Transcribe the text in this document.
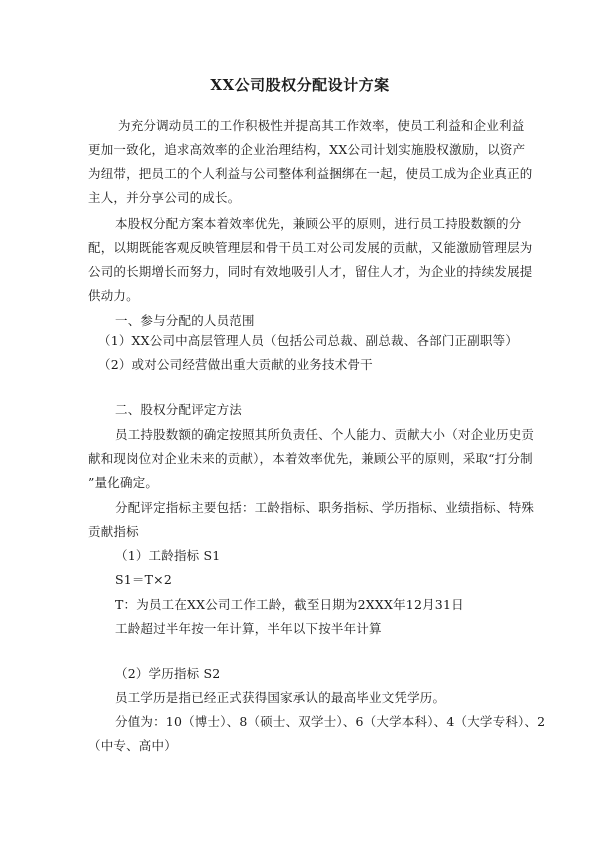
XX公司股权分配设计方案
为充分调动员工的工作积极性并提高其工作效率，使员工利益和企业利益
更加一致化，追求高效率的企业治理结构，XX公司计划实施股权激励，以资产
为纽带，把员工的个人利益与公司整体利益捆绑在一起，使员工成为企业真正的
主人，并分享公司的成长。
本股权分配方案本着效率优先，兼顾公平的原则，进行员工持股数额的分
配，以期既能客观反映管理层和骨干员工对公司发展的贡献，又能激励管理层为
公司的长期增长而努力，同时有效地吸引人才，留住人才，为企业的持续发展提
供动力。
一、参与分配的人员范围
（1）XX公司中高层管理人员（包括公司总裁、副总裁、各部门正副职等）
（2）或对公司经营做出重大贡献的业务技术骨干
二、股权分配评定方法
员工持股数额的确定按照其所负责任、个人能力、贡献大小（对企业历史贡
献和现岗位对企业未来的贡献），本着效率优先，兼顾公平的原则，采取“打分制
”量化确定。
分配评定指标主要包括：工龄指标、职务指标、学历指标、业绩指标、特殊
贡献指标
（1）工龄指标 S1
S1＝T×2
T：为员工在XX公司工作工龄，截至日期为2XXX年12月31日
工龄超过半年按一年计算，半年以下按半年计算
（2）学历指标 S2
员工学历是指已经正式获得国家承认的最高毕业文凭学历。
分值为：10（博士）、8（硕士、双学士）、6（大学本科）、4（大学专科）、2
（中专、高中）
